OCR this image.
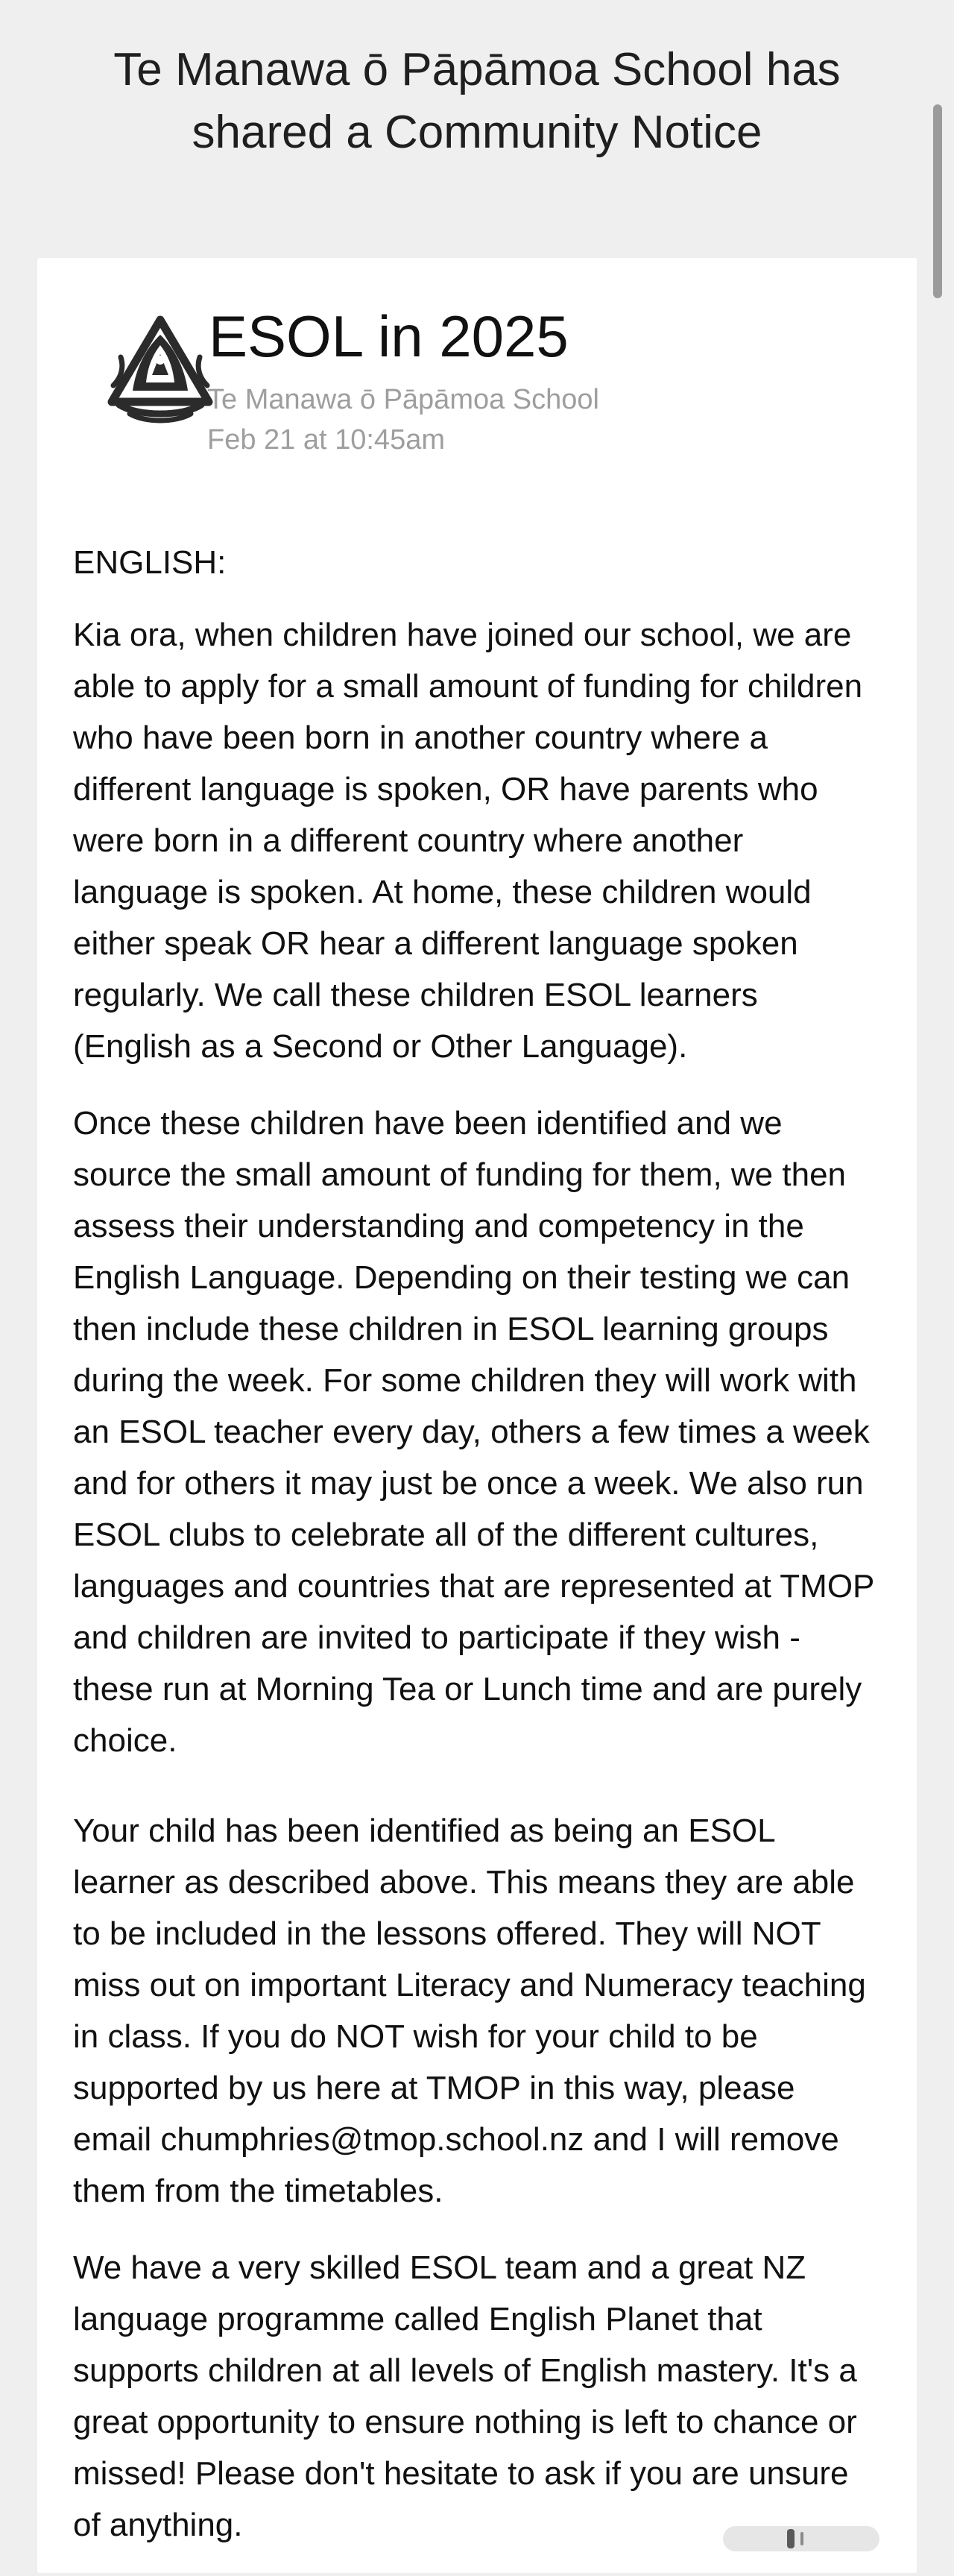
Te Manawa ō Pāpāmoa School has
shared a Community Notice
ESOL in 2025
Te Manawa ō Pāpāmoa School
Feb 21 at 10:45am

ENGLISH:

Kia ora, when children have joined our school, we are able to apply for a small amount of funding for children who have been born in another country where a different language is spoken, OR have parents who were born in a different country where another language is spoken. At home, these children would either speak OR hear a different language spoken regularly. We call these children ESOL learners (English as a Second or Other Language).

Once these children have been identified and we source the small amount of funding for them, we then assess their understanding and competency in the English Language. Depending on their testing we can then include these children in ESOL learning groups during the week. For some children they will work with an ESOL teacher every day, others a few times a week and for others it may just be once a week. We also run ESOL clubs to celebrate all of the different cultures, languages and countries that are represented at TMOP and children are invited to participate if they wish - these run at Morning Tea or Lunch time and are purely choice.

Your child has been identified as being an ESOL learner as described above. This means they are able to be included in the lessons offered. They will NOT miss out on important Literacy and Numeracy teaching in class. If you do NOT wish for your child to be supported by us here at TMOP in this way, please email chumphries@tmop.school.nz and I will remove them from the timetables.

We have a very skilled ESOL team and a great NZ language programme called English Planet that supports children at all levels of English mastery. It's a great opportunity to ensure nothing is left to chance or missed! Please don't hesitate to ask if you are unsure of anything.
